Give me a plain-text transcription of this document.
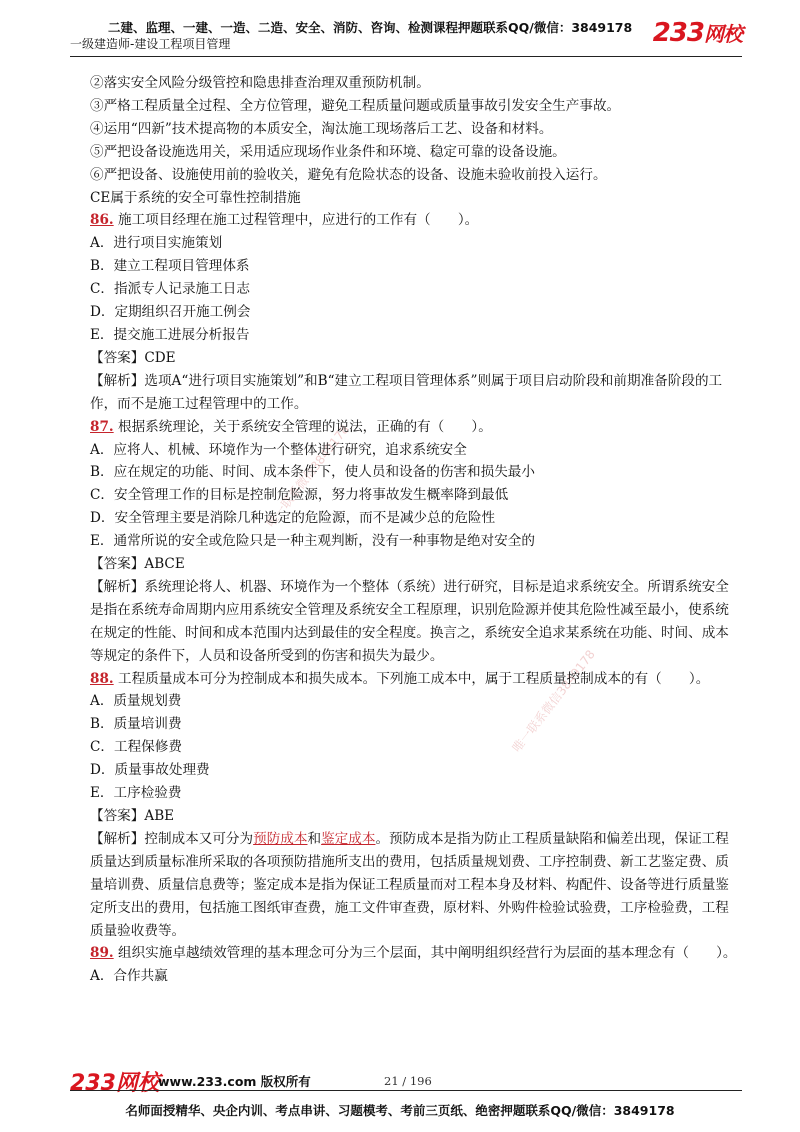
二建、监理、一建、一造、二造、安全、消防、咨询、检测课程押题联系QQ/微信：3849178
一级建造师-建设工程项目管理	233网校
唯一联系微信3849178
唯一联系微信3849178

②落实安全风险分级管控和隐患排查治理双重预防机制。

③严格工程质量全过程、全方位管理，避免工程质量问题或质量事故引发安全生产事故。

④运用“四新”技术提高物的本质安全，淘汰施工现场落后工艺、设备和材料。

⑤严把设备设施选用关，采用适应现场作业条件和环境、稳定可靠的设备设施。

⑥严把设备、设施使用前的验收关，避免有危险状态的设备、设施未验收前投入运行。

CE属于系统的安全可靠性控制措施

86. 施工项目经理在施工过程管理中，应进行的工作有（　　）。

A．进行项目实施策划

B．建立工程项目管理体系

C．指派专人记录施工日志

D．定期组织召开施工例会

E．提交施工进展分析报告

【答案】CDE

【解析】选项A“进行项目实施策划”和B“建立工程项目管理体系”则属于项目启动阶段和前期准备阶段的工作，而不是施工过程管理中的工作。

87. 根据系统理论，关于系统安全管理的说法，正确的有（　　）。

A．应将人、机械、环境作为一个整体进行研究，追求系统安全

B．应在规定的功能、时间、成本条件下，使人员和设备的伤害和损失最小

C．安全管理工作的目标是控制危险源，努力将事故发生概率降到最低

D．安全管理主要是消除几种选定的危险源，而不是减少总的危险性

E．通常所说的安全或危险只是一种主观判断，没有一种事物是绝对安全的

【答案】ABCE

【解析】系统理论将人、机器、环境作为一个整体（系统）进行研究，目标是追求系统安全。所谓系统安全是指在系统寿命周期内应用系统安全管理及系统安全工程原理，识别危险源并使其危险性减至最小，使系统在规定的性能、时间和成本范围内达到最佳的安全程度。换言之，系统安全追求某系统在功能、时间、成本等规定的条件下，人员和设备所受到的伤害和损失为最少。

88. 工程质量成本可分为控制成本和损失成本。下列施工成本中，属于工程质量控制成本的有（　　）。

A．质量规划费

B．质量培训费

C．工程保修费

D．质量事故处理费

E．工序检验费

【答案】ABE

【解析】控制成本又可分为预防成本和鉴定成本。预防成本是指为防止工程质量缺陷和偏差出现，保证工程质量达到质量标准所采取的各项预防措施所支出的费用，包括质量规划费、工序控制费、新工艺鉴定费、质量培训费、质量信息费等；鉴定成本是指为保证工程质量而对工程本身及材料、构配件、设备等进行质量鉴定所支出的费用，包括施工图纸审查费，施工文件审查费，原材料、外购件检验试验费，工序检验费，工程质量验收费等。

89. 组织实施卓越绩效管理的基本理念可分为三个层面，其中阐明组织经营行为层面的基本理念有（　　）。

A．合作共赢

233网校
www.233.com 版权所有	21 / 196
名师面授精华、央企内训、考点串讲、习题模考、考前三页纸、绝密押题联系QQ/微信：3849178
